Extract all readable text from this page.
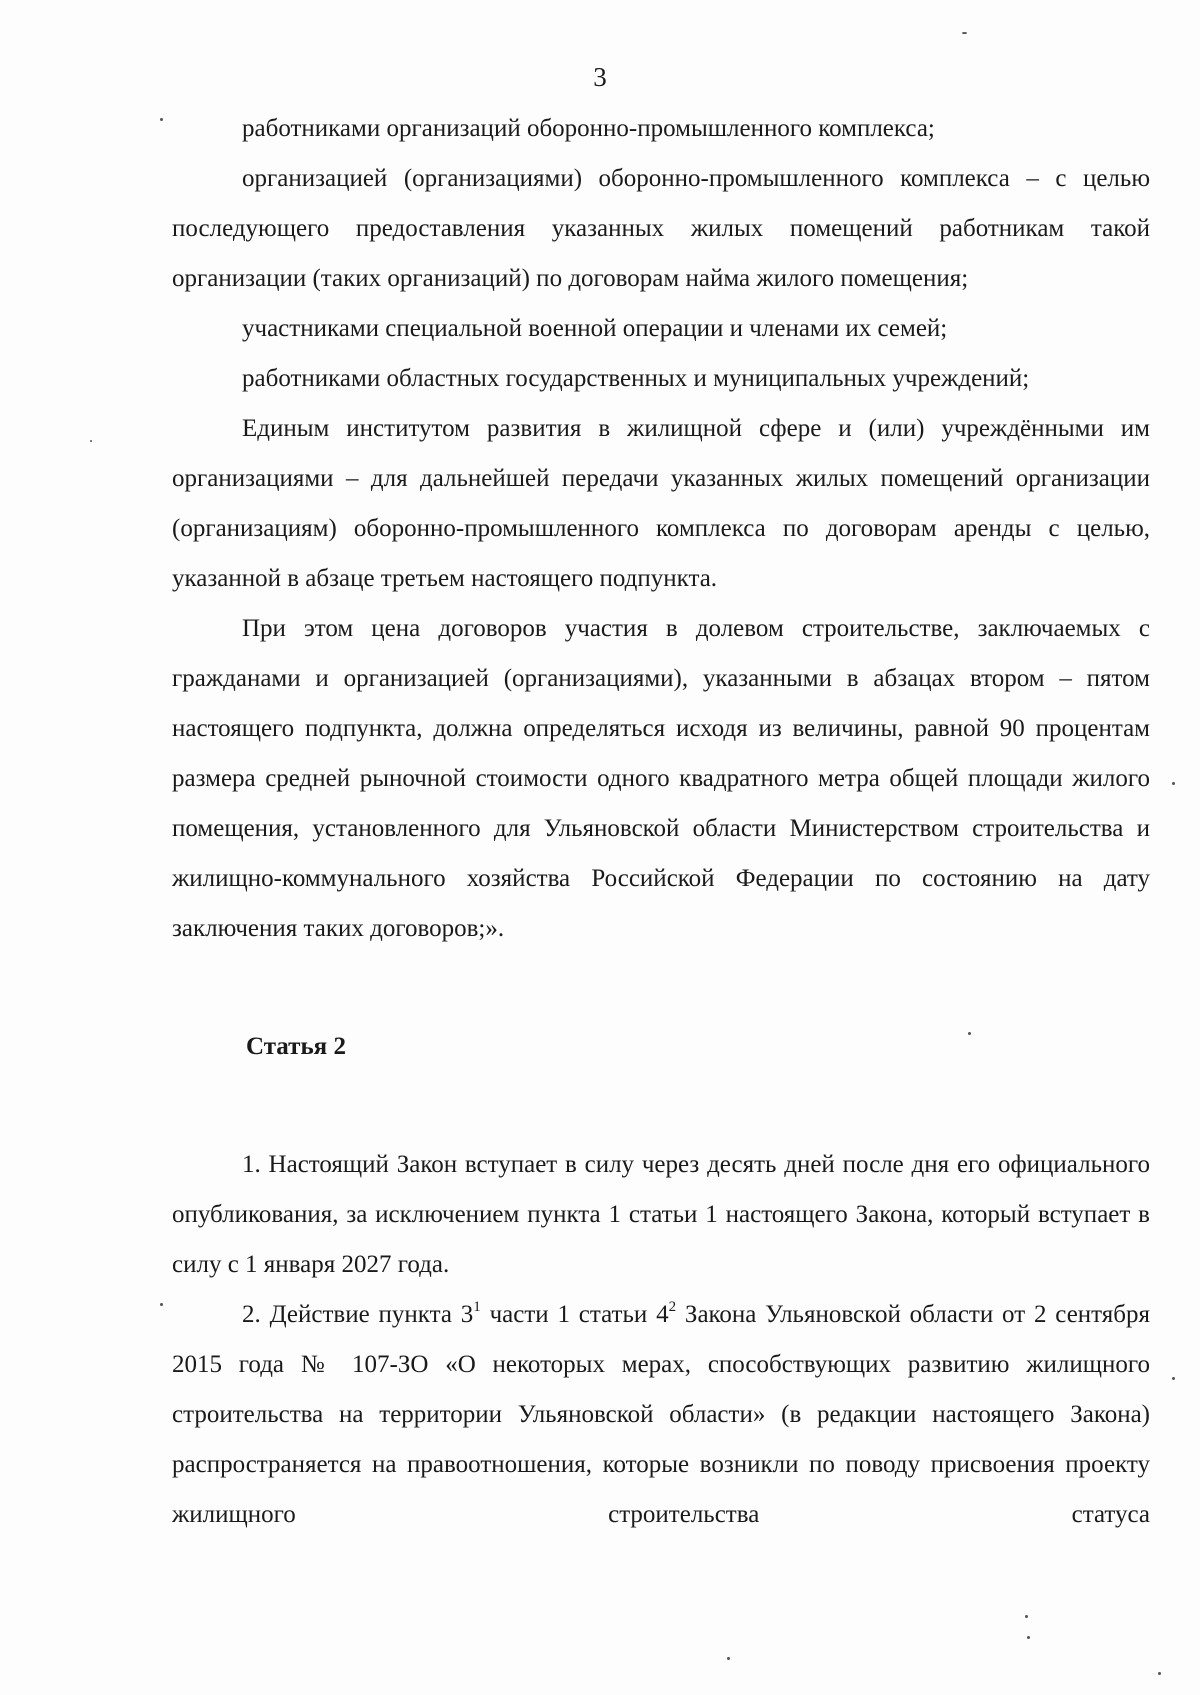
3

работниками организаций оборонно-промышленного комплекса;

организацией (организациями) оборонно-промышленного комплекса – с целью последующего предоставления указанных жилых помещений работникам такой организации (таких организаций) по договорам найма жилого помещения;

участниками специальной военной операции и членами их семей;

работниками областных государственных и муниципальных учреждений;

Единым институтом развития в жилищной сфере и (или) учреждёнными им организациями – для дальнейшей передачи указанных жилых помещений организации (организациям) оборонно-промышленного комплекса по договорам аренды с целью, указанной в абзаце третьем настоящего подпункта.

При этом цена договоров участия в долевом строительстве, заключаемых с гражданами и организацией (организациями), указанными в абзацах втором – пятом настоящего подпункта, должна определяться исходя из величины, равной 90 процентам размера средней рыночной стоимости одного квадратного метра общей площади жилого помещения, установленного для Ульяновской области Министерством строительства и жилищно-коммунального хозяйства Российской Федерации по состоянию на дату заключения таких договоров;».

Статья 2

1. Настоящий Закон вступает в силу через десять дней после дня его официального опубликования, за исключением пункта 1 статьи 1 настоящего Закона, который вступает в силу с 1 января 2027 года.

2. Действие пункта $3^1$ части 1 статьи $4^2$ Закона Ульяновской области от 2 сентября 2015 года № 107-ЗО «О некоторых мерах, способствующих развитию жилищного строительства на территории Ульяновской области» (в редакции настоящего Закона) распространяется на правоотношения, которые возникли по поводу присвоения проекту жилищного строительства статуса
